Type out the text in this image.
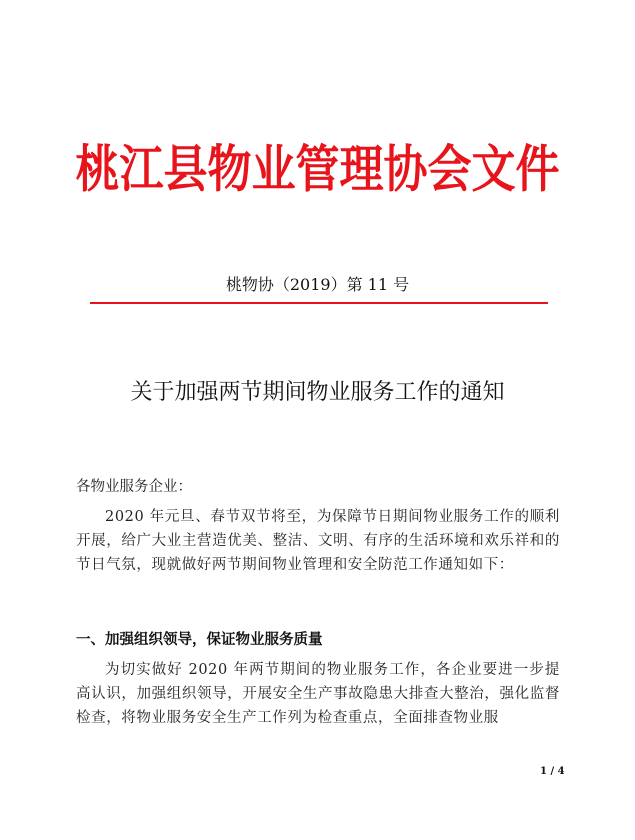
桃江县物业管理协会文件
桃物协（2019）第 11 号
关于加强两节期间物业服务工作的通知
各物业服务企业：
2020 年元旦、春节双节将至，为保障节日期间物业服务工作的顺利开展，给广大业主营造优美、整洁、文明、有序的生活环境和欢乐祥和的节日气氛，现就做好两节期间物业管理和安全防范工作通知如下：
一、加强组织领导，保证物业服务质量
为切实做好 2020 年两节期间的物业服务工作，各企业要进一步提高认识，加强组织领导，开展安全生产事故隐患大排查大整治，强化监督检查，将物业服务安全生产工作列为检查重点，全面排查物业服
1 / 4
